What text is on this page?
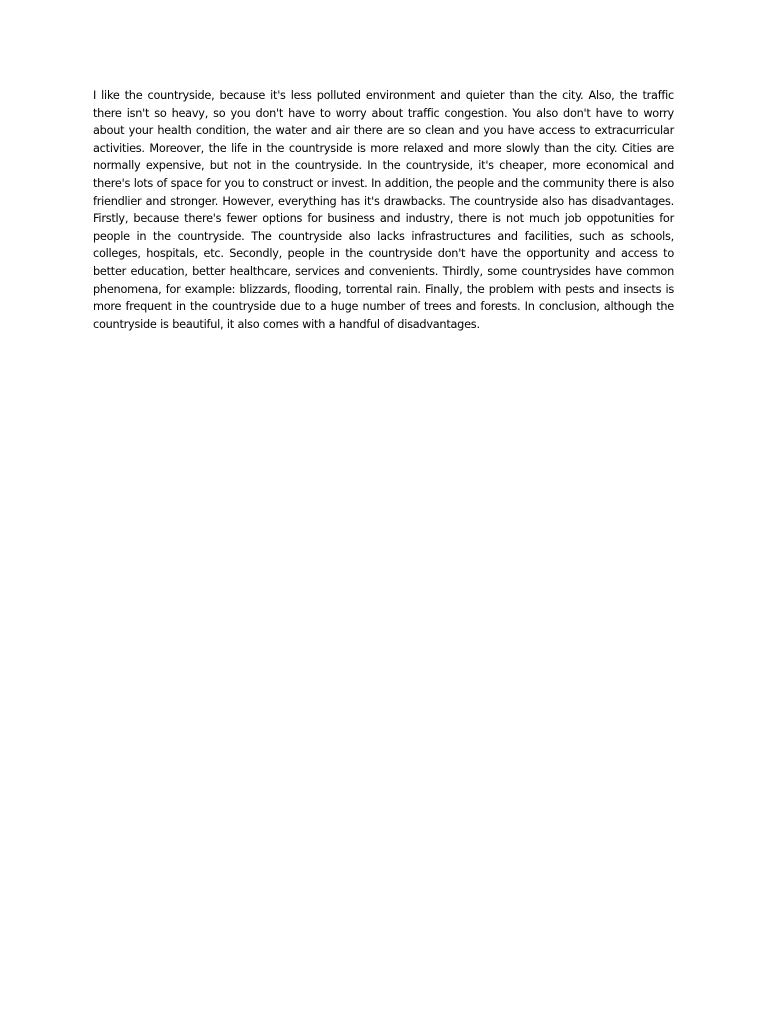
I like the countryside, because it's less polluted environment and quieter than the city. Also, the traffic there isn't so heavy, so you don't have to worry about traffic congestion. You also don't have to worry about your health condition, the water and air there are so clean and you have access to extracurricular activities. Moreover, the life in the countryside is more relaxed and more slowly than the city. Cities are normally expensive, but not in the countryside. In the countryside, it's cheaper, more economical and there's lots of space for you to construct or invest. In addition, the people and the community there is also friendlier and stronger. However, everything has it's drawbacks. The countryside also has disadvantages. Firstly, because there's fewer options for business and industry, there is not much job oppotunities for people in the countryside. The countryside also lacks infrastructures and facilities, such as schools, colleges, hospitals, etc. Secondly, people in the countryside don't have the opportunity and access to better education, better healthcare, services and convenients. Thirdly, some countrysides have common phenomena, for example: blizzards, flooding, torrental rain. Finally, the problem with pests and insects is more frequent in the countryside due to a huge number of trees and forests. In conclusion, although the countryside is beautiful, it also comes with a handful of disadvantages.
